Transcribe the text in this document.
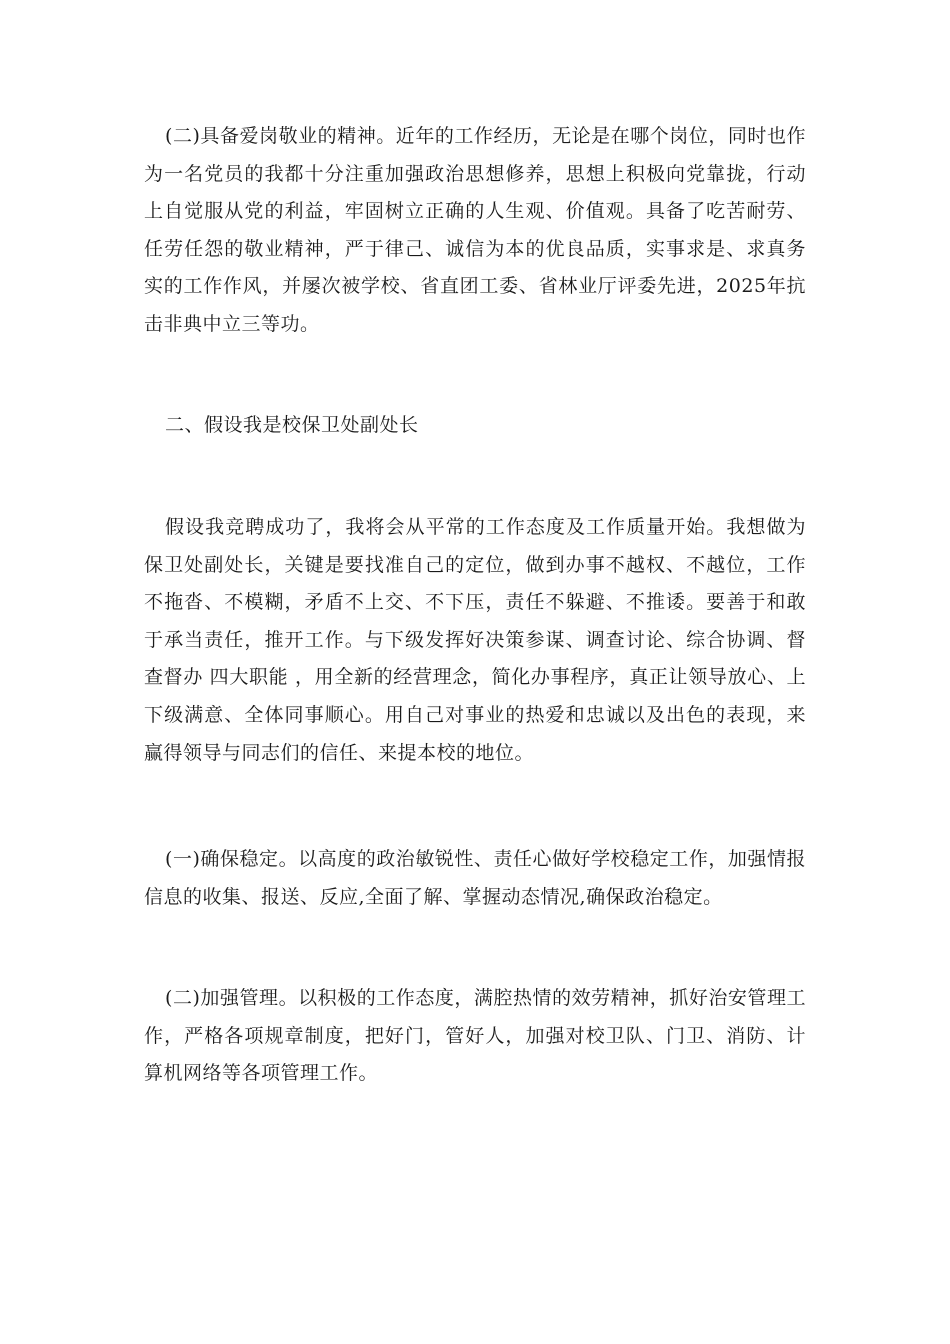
(二)具备爱岗敬业的精神。近年的工作经历，无论是在哪个岗位，同时也作为一名党员的我都十分注重加强政治思想修养，思想上积极向党靠拢，行动上自觉服从党的利益，牢固树立正确的人生观、价值观。具备了吃苦耐劳、任劳任怨的敬业精神，严于律己、诚信为本的优良品质，实事求是、求真务实的工作作风，并屡次被学校、省直团工委、省林业厅评委先进，2025年抗击非典中立三等功。

二、假设我是校保卫处副处长

假设我竞聘成功了，我将会从平常的工作态度及工作质量开始。我想做为保卫处副处长，关键是要找准自己的定位，做到办事不越权、不越位，工作不拖沓、不模糊，矛盾不上交、不下压，责任不躲避、不推诿。要善于和敢于承当责任，推开工作。与下级发挥好决策参谋、调查讨论、综合协调、督查督办 四大职能 ，用全新的经营理念，简化办事程序，真正让领导放心、上下级满意、全体同事顺心。用自己对事业的热爱和忠诚以及出色的表现，来赢得领导与同志们的信任、来提本校的地位。

(一)确保稳定。以高度的政治敏锐性、责任心做好学校稳定工作，加强情报信息的收集、报送、反应,全面了解、掌握动态情况,确保政治稳定。

(二)加强管理。以积极的工作态度，满腔热情的效劳精神，抓好治安管理工作，严格各项规章制度，把好门，管好人，加强对校卫队、门卫、消防、计算机网络等各项管理工作。
